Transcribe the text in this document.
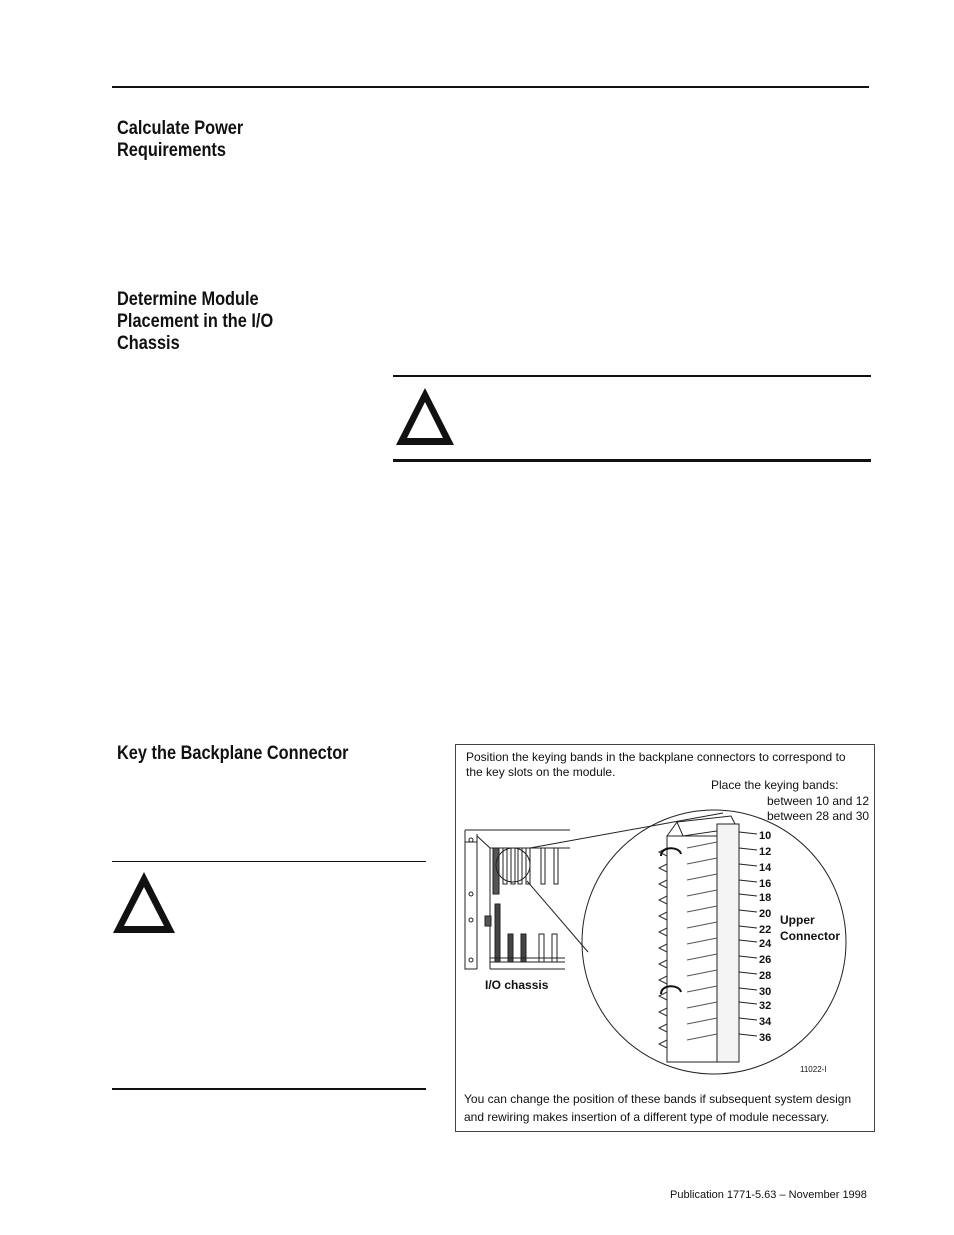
Calculate Power
Requirements
Determine Module
Placement in the I/O
Chassis
Key the Backplane Connector	Position the keying bands in the backplane connectors to correspond to
the key slots on the module.
Place the keying bands:
between 10 and 12
between 28 and 30
10
12
14
16
18
20
22
24
26
28
30
32
34
36
Upper
Connector
I/O chassis
11022-I
You can change the position of these bands if subsequent system design
and rewiring makes insertion of a different type of module necessary.
Publication 1771-5.63 – November 1998
